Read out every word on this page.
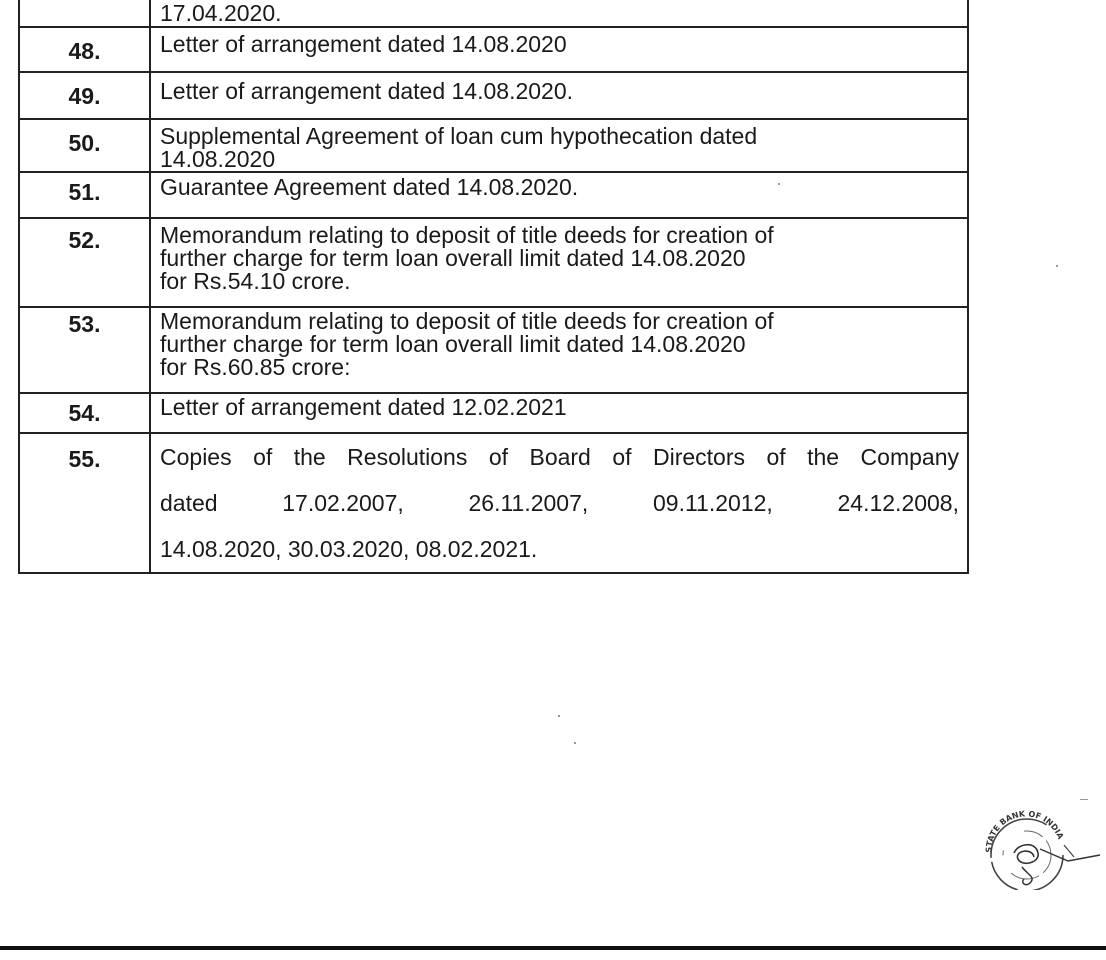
	17.04.2020.

48.	Letter of arrangement dated 14.08.2020

49.	Letter of arrangement dated 14.08.2020.

50.	Supplemental Agreement of loan cum hypothecation dated
14.08.2020

51.	Guarantee Agreement dated 14.08.2020.

52.	Memorandum relating to deposit of title deeds for creation of
further charge for term loan overall limit dated 14.08.2020
for Rs.54.10 crore.

53.	Memorandum relating to deposit of title deeds for creation of
further charge for term loan overall limit dated 14.08.2020
for Rs.60.85 crore:

54.	Letter of arrangement dated 12.02.2021

55.	Copies of the Resolutions of Board of Directors of the Company
dated 17.02.2007, 26.11.2007, 09.11.2012, 24.12.2008,
14.08.2020, 30.03.2020, 08.02.2021.
STATE BANK OF INDIA
